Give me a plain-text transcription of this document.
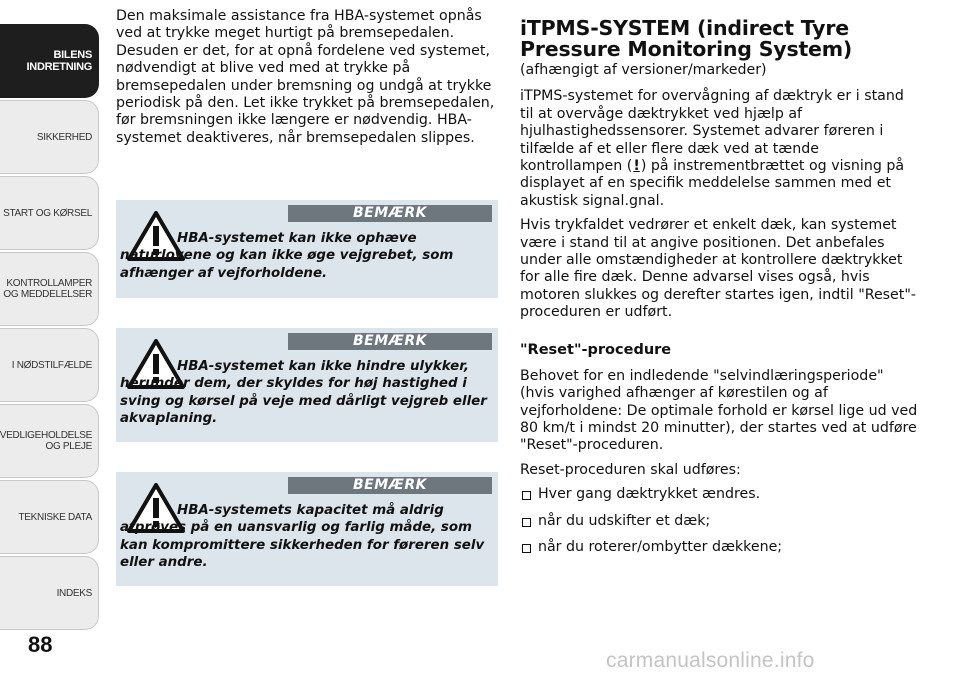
BILENS
INDRETNING
SIKKERHED
START OG KØRSEL
KONTROLLAMPER
OG MEDDELELSER
I NØDSTILFÆLDE
VEDLIGEHOLDELSE
OG PLEJE
TEKNISKE DATA
INDEKS
88

Den maksimale assistance fra HBA-systemet opnås ved at trykke meget hurtigt på bremsepedalen. Desuden er det, for at opnå fordelene ved systemet, nødvendigt at blive ved med at trykke på bremsepedalen under bremsning og undgå at trykke periodisk på den. Let ikke trykket på bremsepedalen, før bremsningen ikke længere er nødvendig. HBA-systemet deaktiveres, når bremsepedalen slippes.

BEMÆRK
HBA-systemet kan ikke ophæve naturlovene og kan ikke øge vejgrebet, som afhænger af vejforholdene.
BEMÆRK
HBA-systemet kan ikke hindre ulykker, herunder dem, der skyldes for høj hastighed i sving og kørsel på veje med dårligt vejgreb eller akvaplaning.
BEMÆRK
HBA-systemets kapacitet må aldrig afprøves på en uansvarlig og farlig måde, som kan kompromittere sikkerheden for føreren selv eller andre.
iTPMS-SYSTEM (indirect Tyre Pressure Monitoring System)

(afhængigt af versioner/markeder)

iTPMS-systemet for overvågning af dæktryk er i stand til at overvåge dæktrykket ved hjælp af hjulhastighedssensorer. Systemet advarer føreren i tilfælde af et eller flere dæk ved at tænde kontrollampen (!) på instrementbrættet og visning på displayet af en specifik meddelelse sammen med et akustisk signal.gnal.

Hvis trykfaldet vedrører et enkelt dæk, kan systemet være i stand til at angive positionen. Det anbefales under alle omstændigheder at kontrollere dæktrykket for alle fire dæk. Denne advarsel vises også, hvis motoren slukkes og derefter startes igen, indtil "Reset"-proceduren er udført.

"Reset"-procedure

Behovet for en indledende "selvindlæringsperiode" (hvis varighed afhænger af kørestilen og af vejforholdene: De optimale forhold er kørsel lige ud ved 80 km/t i mindst 20 minutter), der startes ved at udføre "Reset"-proceduren.

Reset-proceduren skal udføres:

Hver gang dæktrykket ændres.
når du udskifter et dæk;
når du roterer/ombytter dækkene;
carmanualsonline.info
